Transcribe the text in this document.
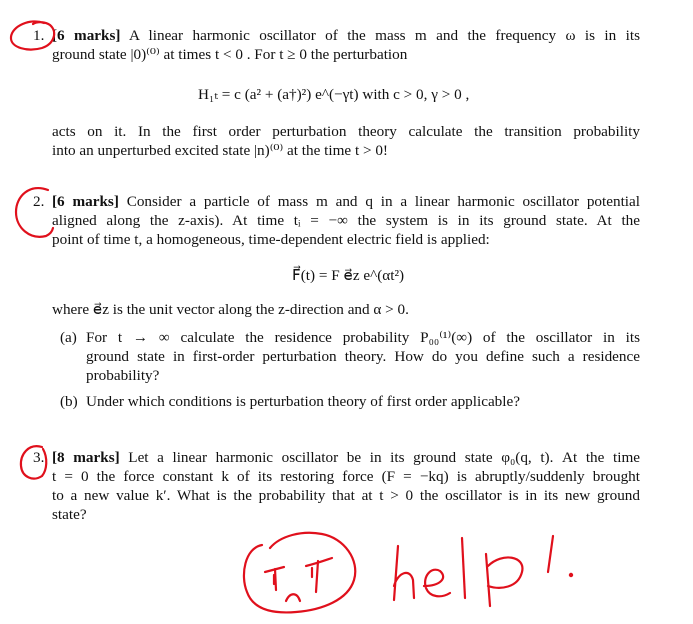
1. [6 marks] A linear harmonic oscillator of the mass m and the frequency ω is in its
ground state |0)⁽⁰⁾ at times t < 0 . For t ≥ 0 the perturbation
H₁ₜ = c (a² + (a†)²) e^(−γt) with c > 0, γ > 0 ,
acts on it. In the first order perturbation theory calculate the transition probability
into an unperturbed excited state |n)⁽⁰⁾ at the time t > 0!
2. [6 marks] Consider a particle of mass m and q in a linear harmonic oscillator potential
aligned along the z-axis). At time tᵢ = −∞ the system is in its ground state. At the
point of time t, a homogeneous, time-dependent electric field is applied:
F⃗(t) = F e⃗z e^(αt²)
where e⃗z is the unit vector along the z-direction and α > 0.
(a) For t → ∞ calculate the residence probability P₀₀⁽¹⁾(∞) of the oscillator in its
ground state in first-order perturbation theory. How do you define such a residence
probability?
(b) Under which conditions is perturbation theory of first order applicable?
3. [8 marks] Let a linear harmonic oscillator be in its ground state φ₀(q, t). At the time
t = 0 the force constant k of its restoring force (F = −kq) is abruptly/suddenly brought
to a new value k′. What is the probability that at t > 0 the oscillator is in its new ground
state?
